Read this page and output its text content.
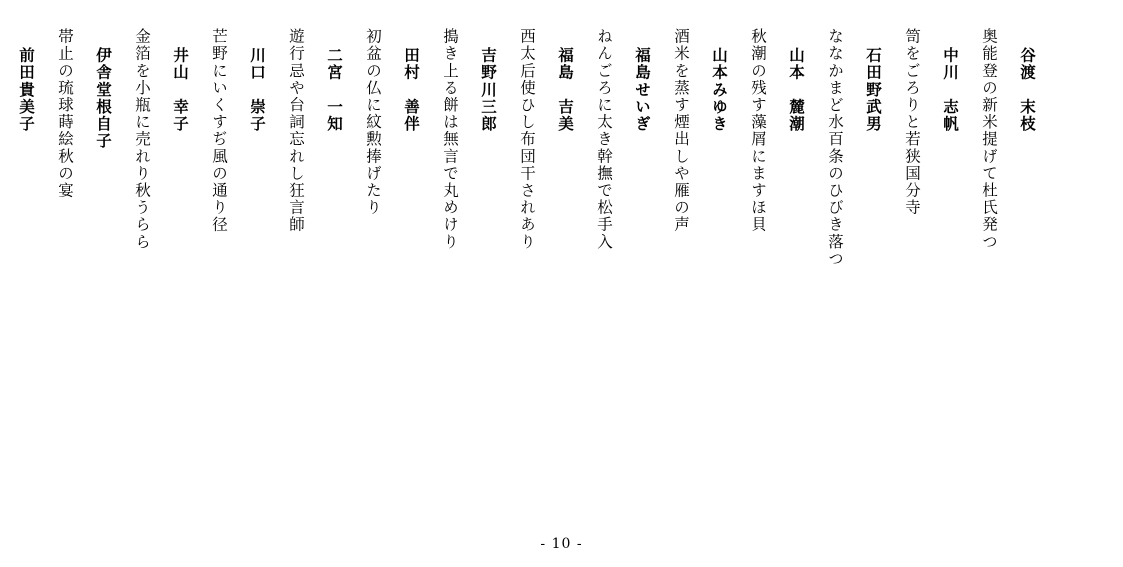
谷渡　末枝
奥能登の新米提げて杜氏発つ
中川　志帆
笥をごろりと若狭国分寺
石田野武男
ななかまど水百条のひびき落つ
山本　麓潮
秋潮の残す藻屑にますほ貝
山本みゆき
酒米を蒸す煙出しや雁の声
福島せいぎ
ねんごろに太き幹撫で松手入
福島　吉美
西太后使ひし布団干されあり
吉野川三郎
搗き上る餅は無言で丸めけり
田村　善伴
初盆の仏に紋勲捧げたり
二宮　一知
遊行忌や台詞忘れし狂言師
川口　崇子
芒野にいくすぢ風の通り径
井山　幸子
金箔を小瓶に売れり秋うらら
伊舎堂根自子
帯止の琉球蒔絵秋の宴
前田貴美子
- 10 -
